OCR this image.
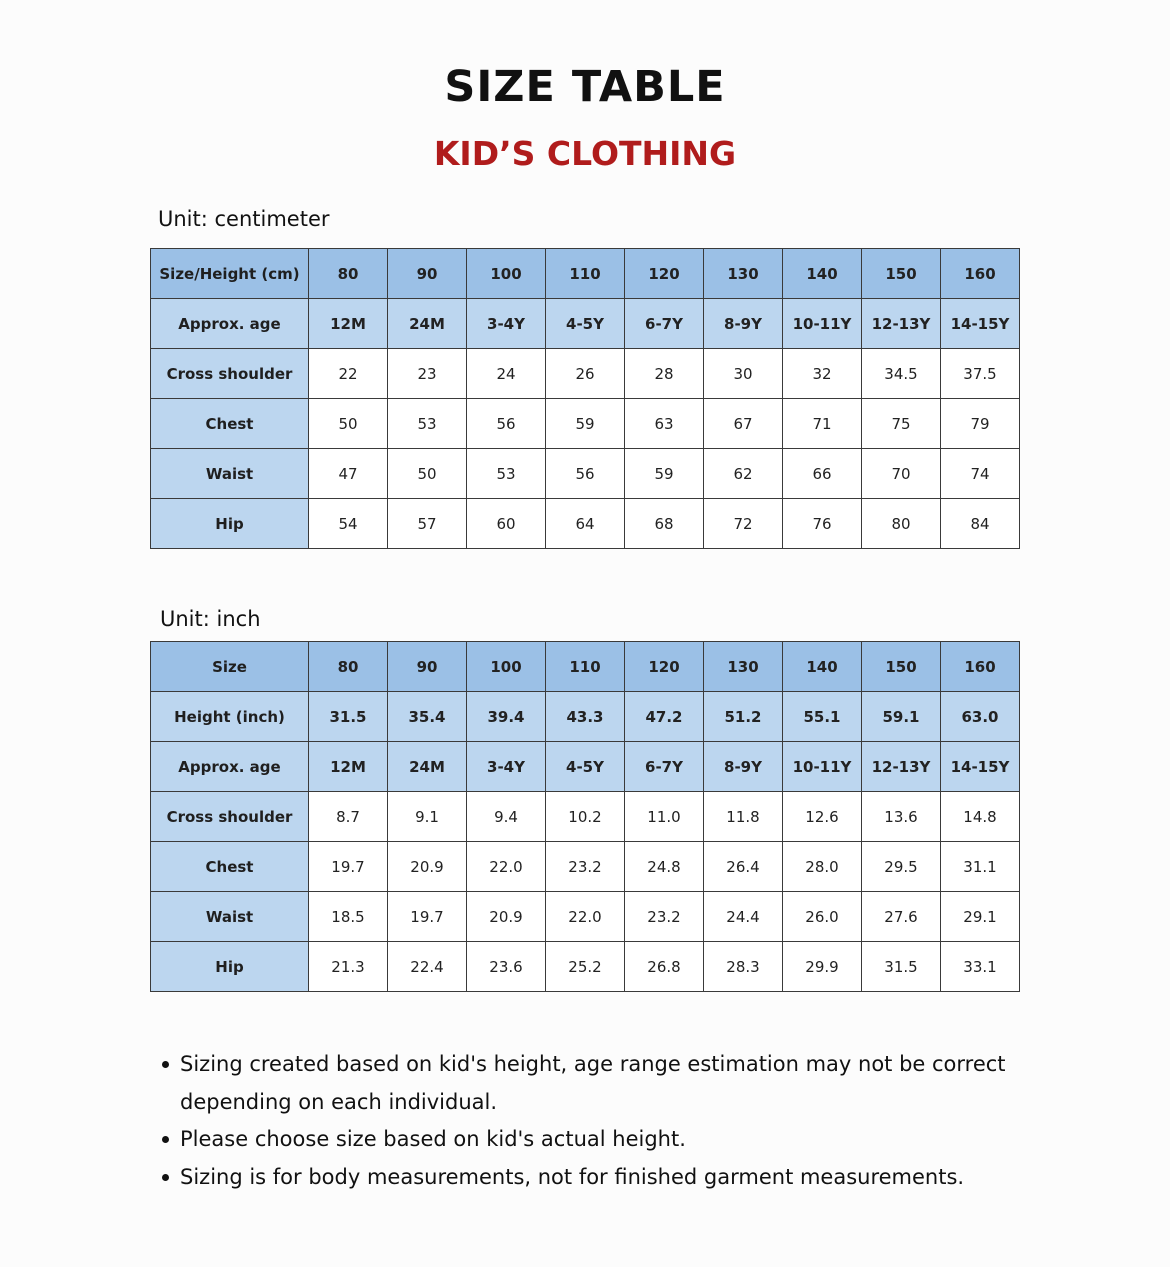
SIZE TABLE
KID’S CLOTHING
Unit: centimeter
Size/Height (cm)	80	90	100	110	120	130	140	150	160
Approx. age	12M	24M	3-4Y	4-5Y	6-7Y	8-9Y	10-11Y	12-13Y	14-15Y
Cross shoulder	22	23	24	26	28	30	32	34.5	37.5
Chest	50	53	56	59	63	67	71	75	79
Waist	47	50	53	56	59	62	66	70	74
Hip	54	57	60	64	68	72	76	80	84
Unit: inch
Size	80	90	100	110	120	130	140	150	160
Height (inch)	31.5	35.4	39.4	43.3	47.2	51.2	55.1	59.1	63.0
Approx. age	12M	24M	3-4Y	4-5Y	6-7Y	8-9Y	10-11Y	12-13Y	14-15Y
Cross shoulder	8.7	9.1	9.4	10.2	11.0	11.8	12.6	13.6	14.8
Chest	19.7	20.9	22.0	23.2	24.8	26.4	28.0	29.5	31.1
Waist	18.5	19.7	20.9	22.0	23.2	24.4	26.0	27.6	29.1
Hip	21.3	22.4	23.6	25.2	26.8	28.3	29.9	31.5	33.1
Sizing created based on kid's height, age range estimation may not be correct depending on each individual.
Please choose size based on kid's actual height.
Sizing is for body measurements, not for finished garment measurements.
